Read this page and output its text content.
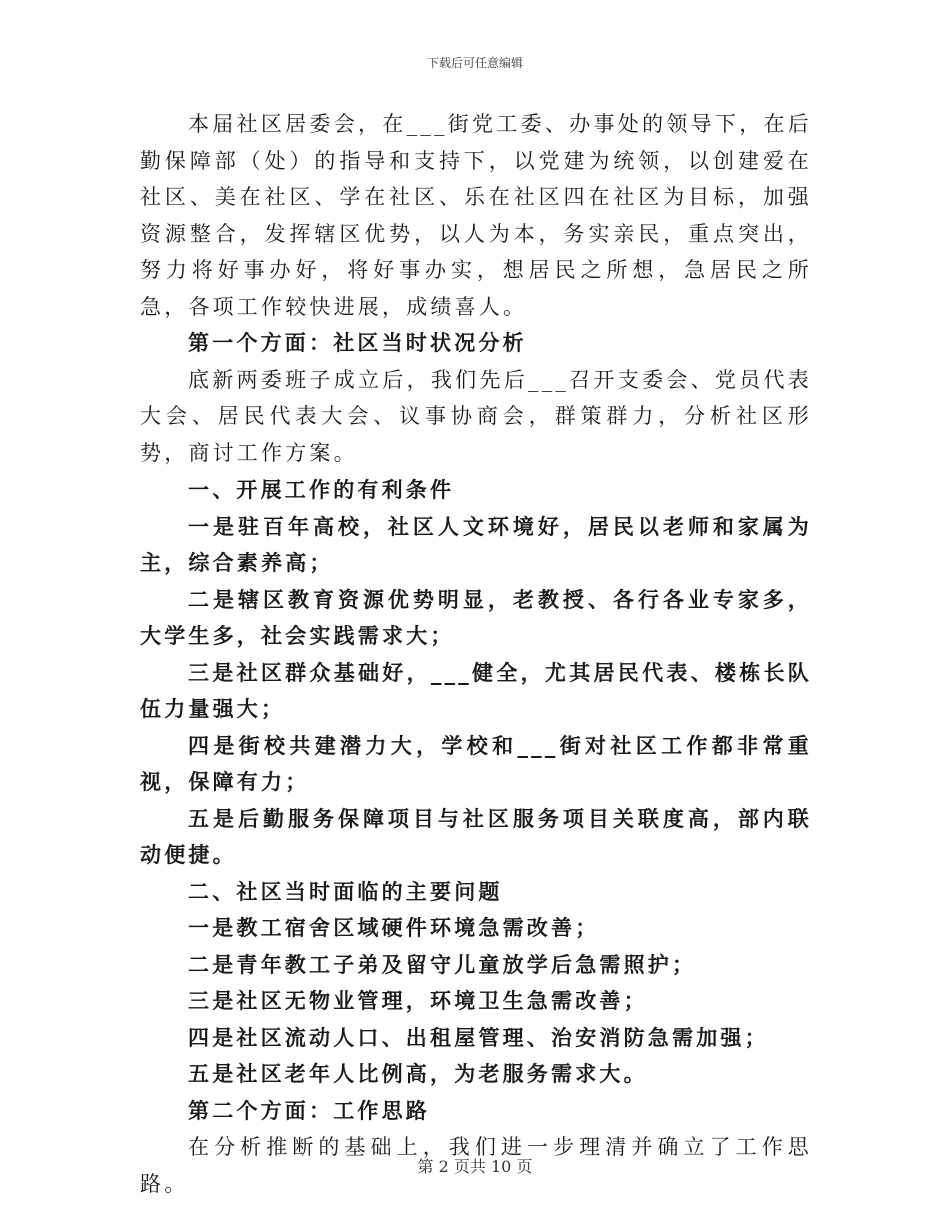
下载后可任意编辑

本届社区居委会，在___街党工委、办事处的领导下，在后勤保障部（处）的指导和支持下，以党建为统领，以创建爱在社区、美在社区、学在社区、乐在社区四在社区为目标，加强资源整合，发挥辖区优势，以人为本，务实亲民，重点突出，努力将好事办好，将好事办实，想居民之所想，急居民之所急，各项工作较快进展，成绩喜人。

第一个方面：社区当时状况分析

底新两委班子成立后，我们先后___召开支委会、党员代表大会、居民代表大会、议事协商会，群策群力，分析社区形势，商讨工作方案。

一、开展工作的有利条件

一是驻百年高校，社区人文环境好，居民以老师和家属为主，综合素养高；

二是辖区教育资源优势明显，老教授、各行各业专家多，大学生多，社会实践需求大；

三是社区群众基础好，___健全，尤其居民代表、楼栋长队伍力量强大；

四是街校共建潜力大，学校和___街对社区工作都非常重视，保障有力；

五是后勤服务保障项目与社区服务项目关联度高，部内联动便捷。

二、社区当时面临的主要问题

一是教工宿舍区域硬件环境急需改善；

二是青年教工子弟及留守儿童放学后急需照护；

三是社区无物业管理，环境卫生急需改善；

四是社区流动人口、出租屋管理、治安消防急需加强；

五是社区老年人比例高，为老服务需求大。

第二个方面：工作思路

在分析推断的基础上，我们进一步理清并确立了工作思路。

第 2 页共 10 页
